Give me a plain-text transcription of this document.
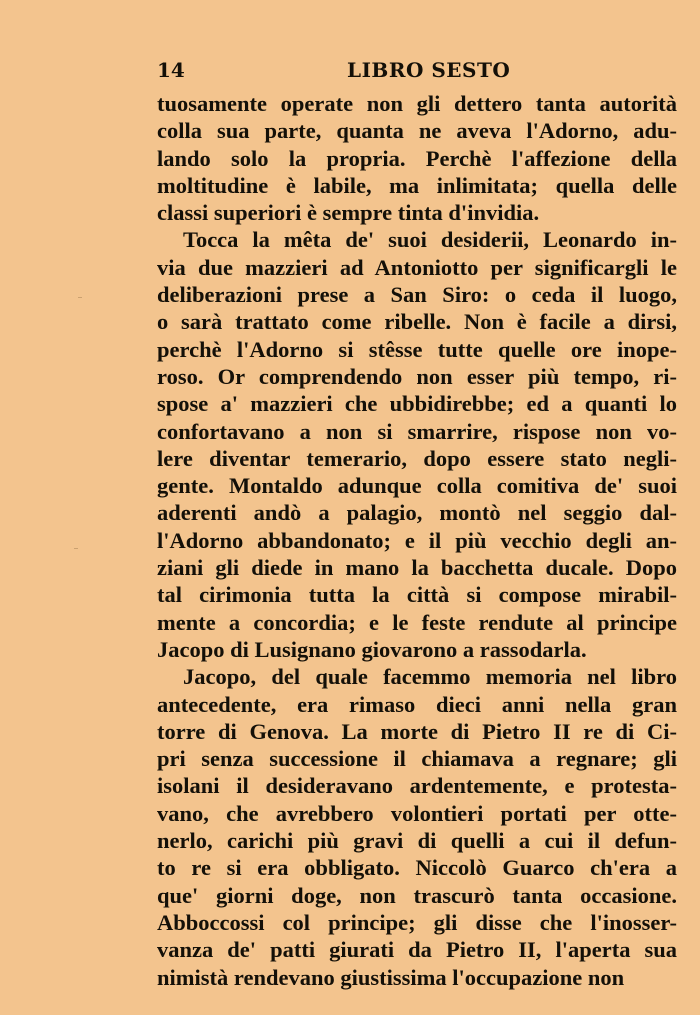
14	LIBRO SESTO
tuosamente operate non gli dettero tanta autorità
colla sua parte, quanta ne aveva l'Adorno, adu-
lando solo la propria. Perchè l'affezione della
moltitudine è labile, ma inlimitata; quella delle
classi superiori è sempre tinta d'invidia.
Tocca la mêta de' suoi desiderii, Leonardo in-
via due mazzieri ad Antoniotto per significargli le
deliberazioni prese a San Siro: o ceda il luogo,
o sarà trattato come ribelle. Non è facile a dirsi,
perchè l'Adorno si stêsse tutte quelle ore inope-
roso. Or comprendendo non esser più tempo, ri-
spose a' mazzieri che ubbidirebbe; ed a quanti lo
confortavano a non si smarrire, rispose non vo-
lere diventar temerario, dopo essere stato negli-
gente. Montaldo adunque colla comitiva de' suoi
aderenti andò a palagio, montò nel seggio dal-
l'Adorno abbandonato; e il più vecchio degli an-
ziani gli diede in mano la bacchetta ducale. Dopo
tal cirimonia tutta la città si compose mirabil-
mente a concordia; e le feste rendute al principe
Jacopo di Lusignano giovarono a rassodarla.
Jacopo, del quale facemmo memoria nel libro
antecedente, era rimaso dieci anni nella gran
torre di Genova. La morte di Pietro II re di Ci-
pri senza successione il chiamava a regnare; gli
isolani il desideravano ardentemente, e protesta-
vano, che avrebbero volontieri portati per otte-
nerlo, carichi più gravi di quelli a cui il defun-
to re si era obbligato. Niccolò Guarco ch'era a
que' giorni doge, non trascurò tanta occasione.
Abboccossi col principe; gli disse che l'inosser-
vanza de' patti giurati da Pietro II, l'aperta sua
nimistà rendevano giustissima l'occupazione non
